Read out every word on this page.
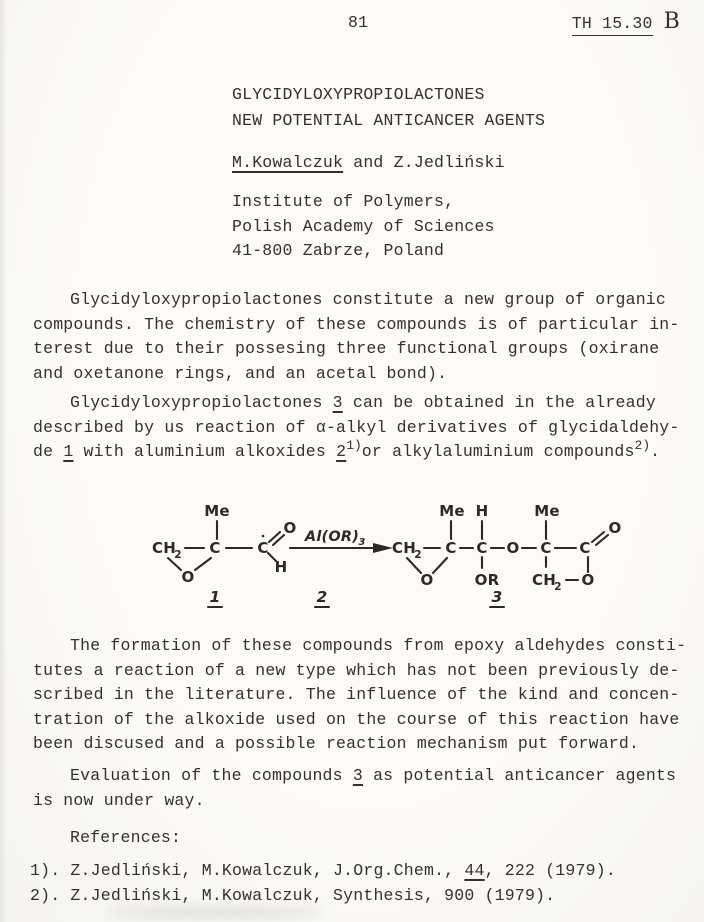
81	TH 15.30 B
GLYCIDYLOXYPROPIOLACTONES
NEW POTENTIAL ANTICANCER AGENTS
M.Kowalczuk and Z.Jedliński
Institute of Polymers,
Polish Academy of Sciences
41-800 Zabrze, Poland
Glycidyloxypropiolactones constitute a new group of organic
compounds. The chemistry of these compounds is of particular in-
terest due to their possesing three functional groups (oxirane
and oxetanone rings, and an acetal bond).
Glycidyloxypropiolactones 3 can be obtained in the already
described by us reaction of α-alkyl derivatives of glycidaldehy-
de 1 with aluminium alkoxides 2$^{1)}$or alkylaluminium compounds$^{2)}$.
Me
CH
2 C C
O
H
O
1
Al(OR) 3
2
CH
2
Me H	Me
C C O C C
O
O	OR CH
2 O
3
The formation of these compounds from epoxy aldehydes consti-
tutes a reaction of a new type which has not been previously de-
scribed in the literature. The influence of the kind and concen-
tration of the alkoxide used on the course of this reaction have
been discused and a possible reaction mechanism put forward.
Evaluation of the compounds 3 as potential anticancer agents
is now under way.
References:
1). Z.Jedliński, M.Kowalczuk, J.Org.Chem., 44, 222 (1979).
2). Z.Jedliński, M.Kowalczuk, Synthesis, 900 (1979).
